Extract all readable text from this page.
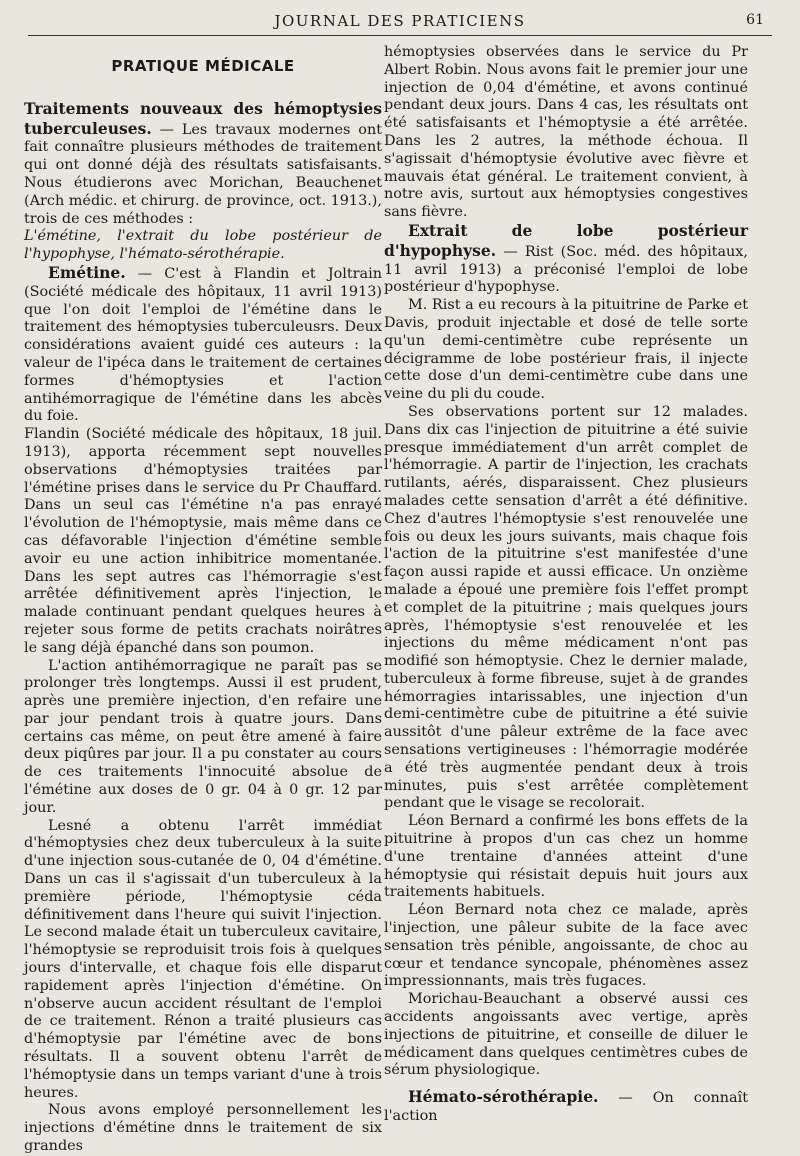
JOURNAL DES PRATICIENS	61
PRATIQUE MÉDICALE

Traitements nouveaux des hémoptysies tuberculeuses. — Les travaux modernes ont fait connaître plusieurs méthodes de traitement qui ont donné déjà des résultats satisfaisants. Nous étudierons avec Morichan, Beauchenet (Arch médic. et chirurg. de province, oct. 1913.), trois de ces méthodes :

L'émétine, l'extrait du lobe postérieur de l'hypophyse, l'hémato-sérothérapie.

Emétine. — C'est à Flandin et Joltrain (Société médicale des hôpitaux, 11 avril 1913) que l'on doit l'emploi de l'émétine dans le traitement des hémoptysies tuberculeusrs. Deux considérations avaient guidé ces auteurs : la valeur de l'ipéca dans le traitement de certaines formes d'hémoptysies et l'action antihémorragique de l'émétine dans les abcès du foie.

Flandin (Société médicale des hôpitaux, 18 juil. 1913), apporta récemment sept nouvelles observations d'hémoptysies traitées par l'émétine prises dans le service du Pr Chauffard. Dans un seul cas l'émétine n'a pas enrayé l'évolution de l'hémoptysie, mais même dans ce cas défavorable l'injection d'émétine semble avoir eu une action inhibitrice momentanée. Dans les sept autres cas l'hémorragie s'est arrêtée définitivement après l'injection, le malade continuant pendant quelques heures à rejeter sous forme de petits crachats noirâtres le sang déjà épanché dans son poumon.

L'action antihémorragique ne paraît pas se prolonger très longtemps. Aussi il est prudent, après une première injection, d'en refaire une par jour pendant trois à quatre jours. Dans certains cas même, on peut être amené à faire deux piqûres par jour. Il a pu constater au cours de ces traitements l'innocuité absolue de l'émétine aux doses de 0 gr. 04 à 0 gr. 12 par jour.

Lesné a obtenu l'arrêt immédiat d'hémoptysies chez deux tuberculeux à la suite d'une injection sous-cutanée de 0, 04 d'émétine. Dans un cas il s'agissait d'un tuberculeux à la première période, l'hémoptysie céda définitivement dans l'heure qui suivit l'injection. Le second malade était un tuberculeux cavitaire, l'hémoptysie se reproduisit trois fois à quelques jours d'intervalle, et chaque fois elle disparut rapidement après l'injection d'émétine. On n'observe aucun accident résultant de l'emploi de ce traitement. Rénon a traité plusieurs cas d'hémoptysie par l'émétine avec de bons résultats. Il a souvent obtenu l'arrêt de l'hémoptysie dans un temps variant d'une à trois heures.

Nous avons employé personnellement les injections d'émétine dnns le traitement de six grandes

hémoptysies observées dans le service du Pr Albert Robin. Nous avons fait le premier jour une injection de 0,04 d'émétine, et avons continué pendant deux jours. Dans 4 cas, les résultats ont été satisfaisants et l'hémoptysie a été arrêtée. Dans les 2 autres, la méthode échoua. Il s'agissait d'hémoptysie évolutive avec fièvre et mauvais état général. Le traitement convient, à notre avis, surtout aux hémoptysies congestives sans fièvre.

Extrait de lobe postérieur d'hypophyse. — Rist (Soc. méd. des hôpitaux, 11 avril 1913) a préconisé l'emploi de lobe postérieur d'hypophyse.

M. Rist a eu recours à la pituitrine de Parke et Davis, produit injectable et dosé de telle sorte qu'un demi-centimètre cube représente un décigramme de lobe postérieur frais, il injecte cette dose d'un demi-centimètre cube dans une veine du pli du coude.

Ses observations portent sur 12 malades. Dans dix cas l'injection de pituitrine a été suivie presque immédiatement d'un arrêt complet de l'hémorragie. A partir de l'injection, les crachats rutilants, aérés, disparaissent. Chez plusieurs malades cette sensation d'arrêt a été définitive. Chez d'autres l'hémoptysie s'est renouvelée une fois ou deux les jours suivants, mais chaque fois l'action de la pituitrine s'est manifestée d'une façon aussi rapide et aussi efficace. Un onzième malade a époué une première fois l'effet prompt et complet de la pituitrine ; mais quelques jours après, l'hémoptysie s'est renouvelée et les injections du même médicament n'ont pas modifié son hémoptysie. Chez le dernier malade, tuberculeux à forme fibreuse, sujet à de grandes hémorragies intarissables, une injection d'un demi-centimètre cube de pituitrine a été suivie aussitôt d'une pâleur extrême de la face avec sensations vertigineuses : l'hémorragie modérée a été très augmentée pendant deux à trois minutes, puis s'est arrêtée complètement pendant que le visage se recolorait.

Léon Bernard a confirmé les bons effets de la pituitrine à propos d'un cas chez un homme d'une trentaine d'années atteint d'une hémoptysie qui résistait depuis huit jours aux traitements habituels.

Léon Bernard nota chez ce malade, après l'injection, une pâleur subite de la face avec sensation très pénible, angoissante, de choc au cœur et tendance syncopale, phénomènes assez impressionnants, mais très fugaces.

Morichau-Beauchant a observé aussi ces accidents angoissants avec vertige, après injections de pituitrine, et conseille de diluer le médicament dans quelques centimètres cubes de sérum physiologique.

Hémato-sérothérapie. — On connaît l'action
